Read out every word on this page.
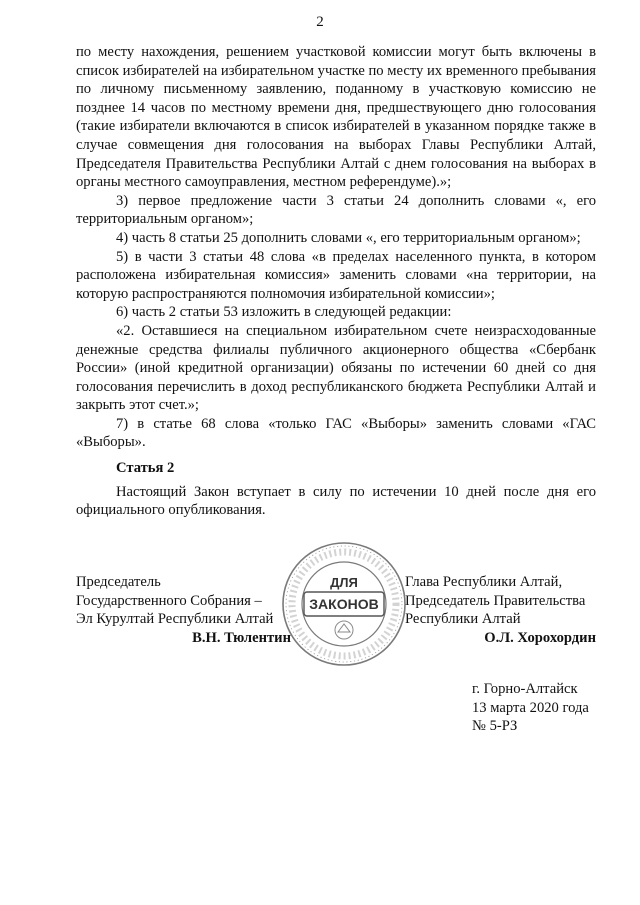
2

по месту нахождения, решением участковой комиссии могут быть включены в список избирателей на избирательном участке по месту их временного пребывания по личному письменному заявлению, поданному в участковую комиссию не позднее 14 часов по местному времени дня, предшествующего дню голосования (такие избиратели включаются в список избирателей в указанном порядке также в случае совмещения дня голосования на выборах Главы Республики Алтай, Председателя Правительства Республики Алтай с днем голосования на выборах в органы местного самоуправления, местном референдуме).»;

3) первое предложение части 3 статьи 24 дополнить словами «, его территориальным органом»;

4) часть 8 статьи 25 дополнить словами «, его территориальным органом»;

5) в части 3 статьи 48 слова «в пределах населенного пункта, в котором расположена избирательная комиссия» заменить словами «на территории, на которую распространяются полномочия избирательной комиссии»;

6) часть 2 статьи 53 изложить в следующей редакции:

«2. Оставшиеся на специальном избирательном счете неизрасходованные денежные средства филиалы публичного акционерного общества «Сбербанк России» (иной кредитной организации) обязаны по истечении 60 дней со дня голосования перечислить в доход республиканского бюджета Республики Алтай и закрыть этот счет.»;

7) в статье 68 слова «только ГАС «Выборы» заменить словами «ГАС «Выборы».

Статья 2

Настоящий Закон вступает в силу по истечении 10 дней после дня его официального опубликования.

Председатель
Государственного Собрания –
Эл Курултай Республики Алтай
В.Н. Тюлентин
ДЛЯ
ЗАКОНОВ
Глава Республики Алтай,
Председатель Правительства
Республики Алтай
О.Л. Хорохордин
г. Горно-Алтайск
13 марта 2020 года
№ 5-РЗ
